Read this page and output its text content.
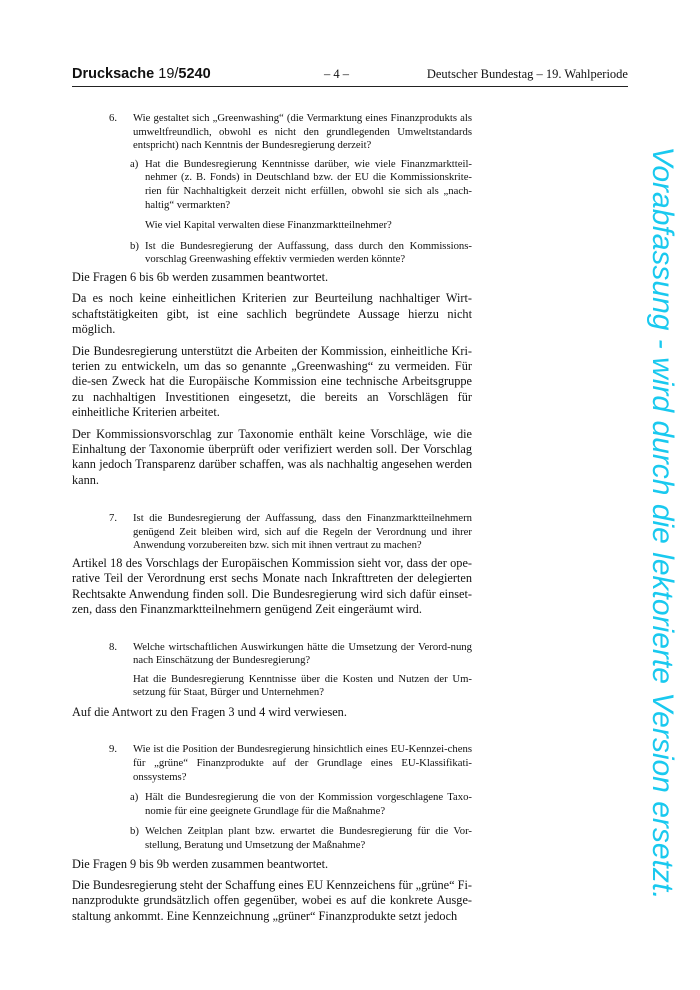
Drucksache 19/5240	– 4 –	Deutscher Bundestag – 19. Wahlperiode
6. Wie gestaltet sich „Greenwashing“ (die Vermarktung eines Finanzprodukts als umweltfreundlich, obwohl es nicht den grundlegenden Umweltstandards entspricht) nach Kenntnis der Bundesregierung derzeit?
a) Hat die Bundesregierung Kenntnisse darüber, wie viele Finanzmarktteil-nehmer (z. B. Fonds) in Deutschland bzw. der EU die Kommissionskrite-rien für Nachhaltigkeit derzeit nicht erfüllen, obwohl sie sich als „nach-haltig“ vermarkten?
Wie viel Kapital verwalten diese Finanzmarktteilnehmer?
b) Ist die Bundesregierung der Auffassung, dass durch den Kommissions-vorschlag Greenwashing effektiv vermieden werden könnte?

Die Fragen 6 bis 6b werden zusammen beantwortet.

Da es noch keine einheitlichen Kriterien zur Beurteilung nachhaltiger Wirt-schaftstätigkeiten gibt, ist eine sachlich begründete Aussage hierzu nicht möglich.

Die Bundesregierung unterstützt die Arbeiten der Kommission, einheitliche Kri-terien zu entwickeln, um das so genannte „Greenwashing“ zu vermeiden. Für die-sen Zweck hat die Europäische Kommission eine technische Arbeitsgruppe zu nachhaltigen Investitionen eingesetzt, die bereits an Vorschlägen für einheitliche Kriterien arbeitet.

Der Kommissionsvorschlag zur Taxonomie enthält keine Vorschläge, wie die Einhaltung der Taxonomie überprüft oder verifiziert werden soll. Der Vorschlag kann jedoch Transparenz darüber schaffen, was als nachhaltig angesehen werden kann.

7. Ist die Bundesregierung der Auffassung, dass den Finanzmarktteilnehmern genügend Zeit bleiben wird, sich auf die Regeln der Verordnung und ihrer Anwendung vorzubereiten bzw. sich mit ihnen vertraut zu machen?

Artikel 18 des Vorschlags der Europäischen Kommission sieht vor, dass der ope-rative Teil der Verordnung erst sechs Monate nach Inkrafttreten der delegierten Rechtsakte Anwendung finden soll. Die Bundesregierung wird sich dafür einset-zen, dass den Finanzmarktteilnehmern genügend Zeit eingeräumt wird.

8. Welche wirtschaftlichen Auswirkungen hätte die Umsetzung der Verord-nung nach Einschätzung der Bundesregierung?
Hat die Bundesregierung Kenntnisse über die Kosten und Nutzen der Um-setzung für Staat, Bürger und Unternehmen?

Auf die Antwort zu den Fragen 3 und 4 wird verwiesen.

9. Wie ist die Position der Bundesregierung hinsichtlich eines EU-Kennzei-chens für „grüne“ Finanzprodukte auf der Grundlage eines EU-Klassifikati-onssystems?
a) Hält die Bundesregierung die von der Kommission vorgeschlagene Taxo-nomie für eine geeignete Grundlage für die Maßnahme?
b) Welchen Zeitplan plant bzw. erwartet die Bundesregierung für die Vor-stellung, Beratung und Umsetzung der Maßnahme?

Die Fragen 9 bis 9b werden zusammen beantwortet.

Die Bundesregierung steht der Schaffung eines EU Kennzeichens für „grüne“ Fi-nanzprodukte grundsätzlich offen gegenüber, wobei es auf die konkrete Ausge-staltung ankommt. Eine Kennzeichnung „grüner“ Finanzprodukte setzt jedoch

Vorabfassung - wird durch die lektorierte Version ersetzt.
